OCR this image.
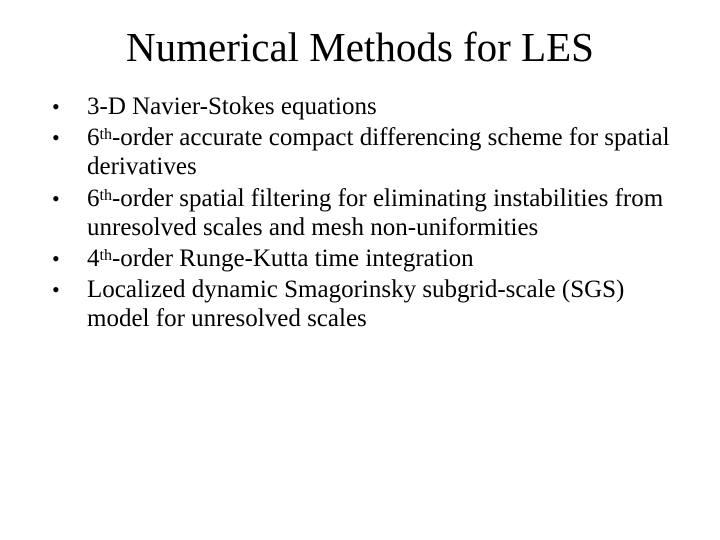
Numerical Methods for LES
•	3-D Navier-Stokes equations
•	6th-order accurate compact differencing scheme for spatial derivatives
•	6th-order spatial filtering for eliminating instabilities from unresolved scales and mesh non-uniformities
•	4th-order Runge-Kutta time integration
•	Localized dynamic Smagorinsky subgrid-scale (SGS) model for unresolved scales
